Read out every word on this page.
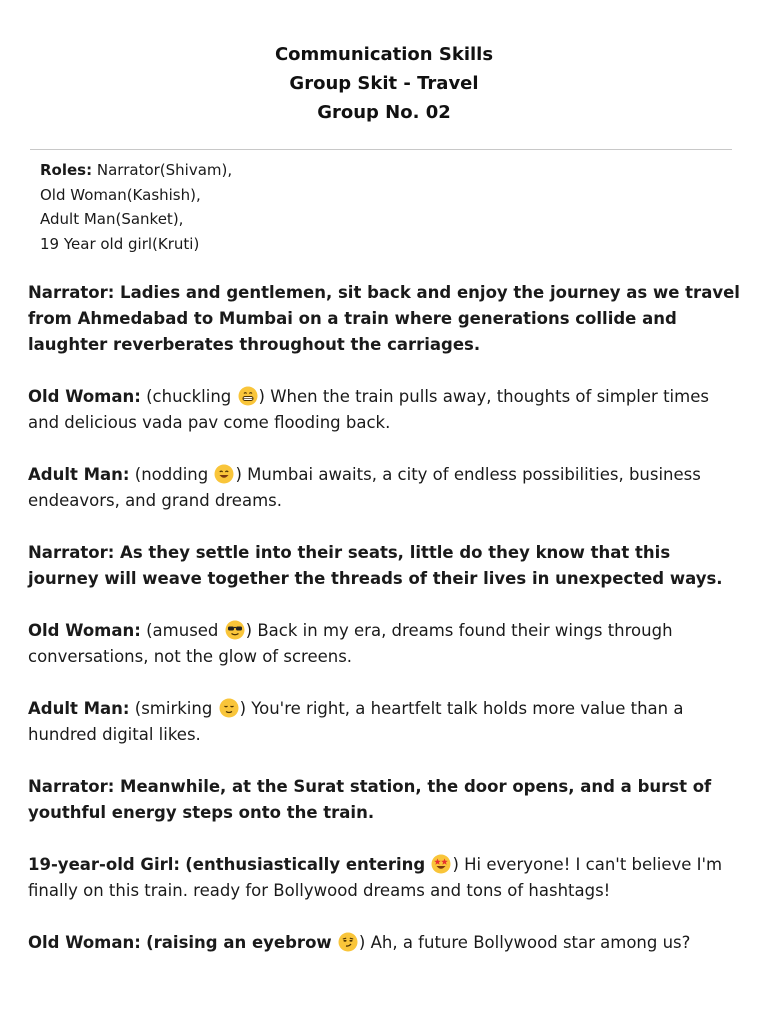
Communication Skills
Group Skit - Travel
Group No. 02
Roles: Narrator(Shivam),
Old Woman(Kashish),
Adult Man(Sanket),
19 Year old girl(Kruti)

Narrator: Ladies and gentlemen, sit back and enjoy the journey as we travel from Ahmedabad to Mumbai on a train where generations collide and laughter reverberates throughout the carriages.

Old Woman: (chuckling ) When the train pulls away, thoughts of simpler times and delicious vada pav come flooding back.

Adult Man: (nodding ) Mumbai awaits, a city of endless possibilities, business endeavors, and grand dreams.

Narrator: As they settle into their seats, little do they know that this journey will weave together the threads of their lives in unexpected ways.

Old Woman: (amused ) Back in my era, dreams found their wings through conversations, not the glow of screens.

Adult Man: (smirking ) You're right, a heartfelt talk holds more value than a hundred digital likes.

Narrator: Meanwhile, at the Surat station, the door opens, and a burst of youthful energy steps onto the train.

19-year-old Girl: (enthusiastically entering ) Hi everyone! I can't believe I'm finally on this train. ready for Bollywood dreams and tons of hashtags!

Old Woman: (raising an eyebrow ) Ah, a future Bollywood star among us?
